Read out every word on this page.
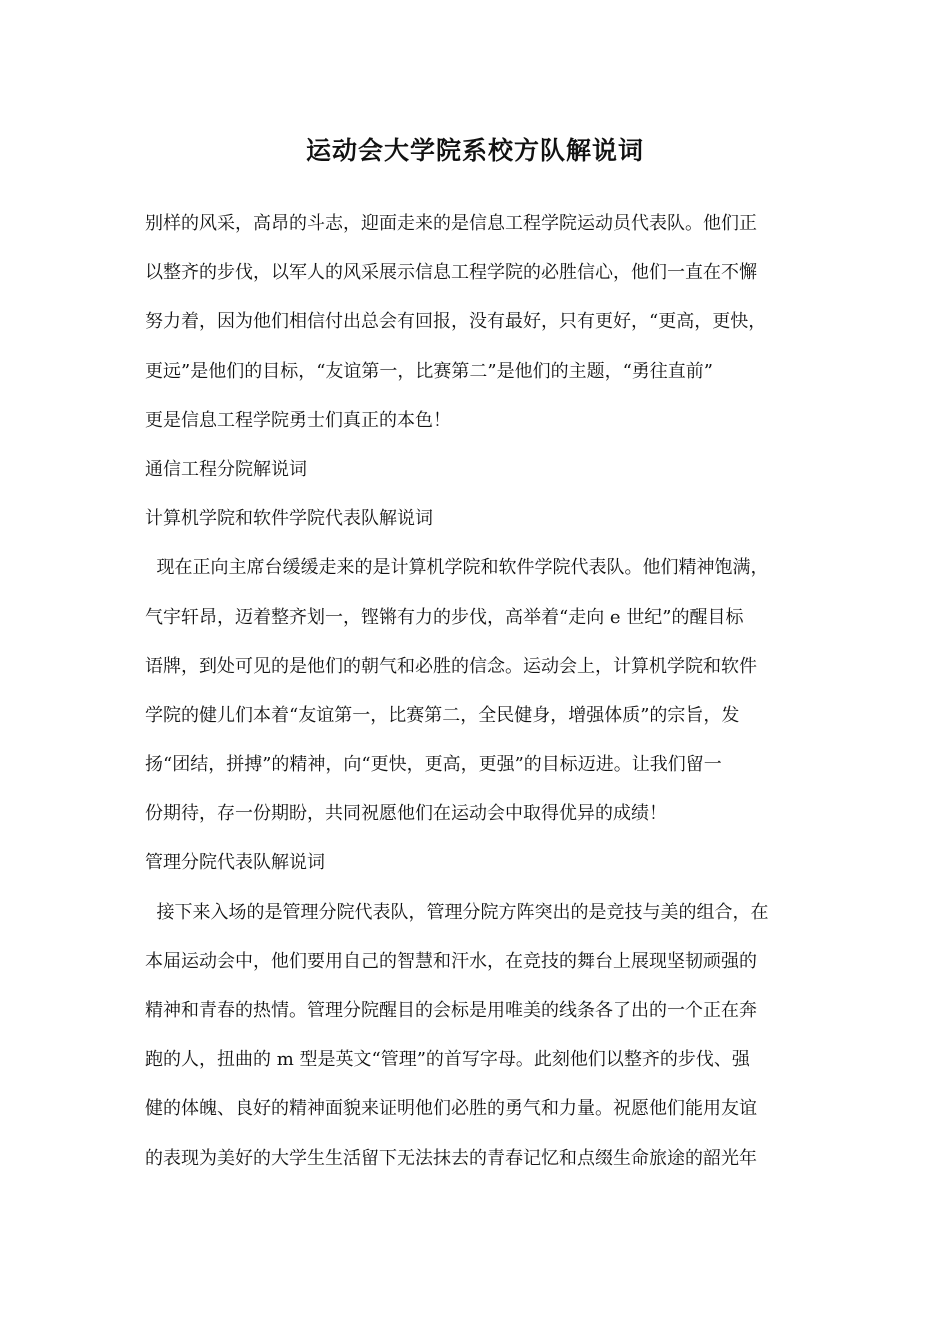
运动会大学院系校方队解说词
别样的风采，高昂的斗志，迎面走来的是信息工程学院运动员代表队。他们正
以整齐的步伐，以军人的风采展示信息工程学院的必胜信心，他们一直在不懈
努力着，因为他们相信付出总会有回报，没有最好，只有更好，“更高，更快，
更远”是他们的目标，“友谊第一，比赛第二”是他们的主题，“勇往直前”
更是信息工程学院勇士们真正的本色！
通信工程分院解说词
计算机学院和软件学院代表队解说词
现在正向主席台缓缓走来的是计算机学院和软件学院代表队。他们精神饱满，
气宇轩昂，迈着整齐划一，铿锵有力的步伐，高举着“走向 e 世纪”的醒目标
语牌，到处可见的是他们的朝气和必胜的信念。运动会上，计算机学院和软件
学院的健儿们本着“友谊第一，比赛第二，全民健身，增强体质”的宗旨，发
扬“团结，拼搏”的精神，向“更快，更高，更强”的目标迈进。让我们留一
份期待，存一份期盼，共同祝愿他们在运动会中取得优异的成绩！
管理分院代表队解说词
接下来入场的是管理分院代表队，管理分院方阵突出的是竞技与美的组合，在
本届运动会中，他们要用自己的智慧和汗水，在竞技的舞台上展现坚韧顽强的
精神和青春的热情。管理分院醒目的会标是用唯美的线条各了出的一个正在奔
跑的人，扭曲的 m 型是英文“管理”的首写字母。此刻他们以整齐的步伐、强
健的体魄、良好的精神面貌来证明他们必胜的勇气和力量。祝愿他们能用友谊
的表现为美好的大学生生活留下无法抹去的青春记忆和点缀生命旅途的韶光年
